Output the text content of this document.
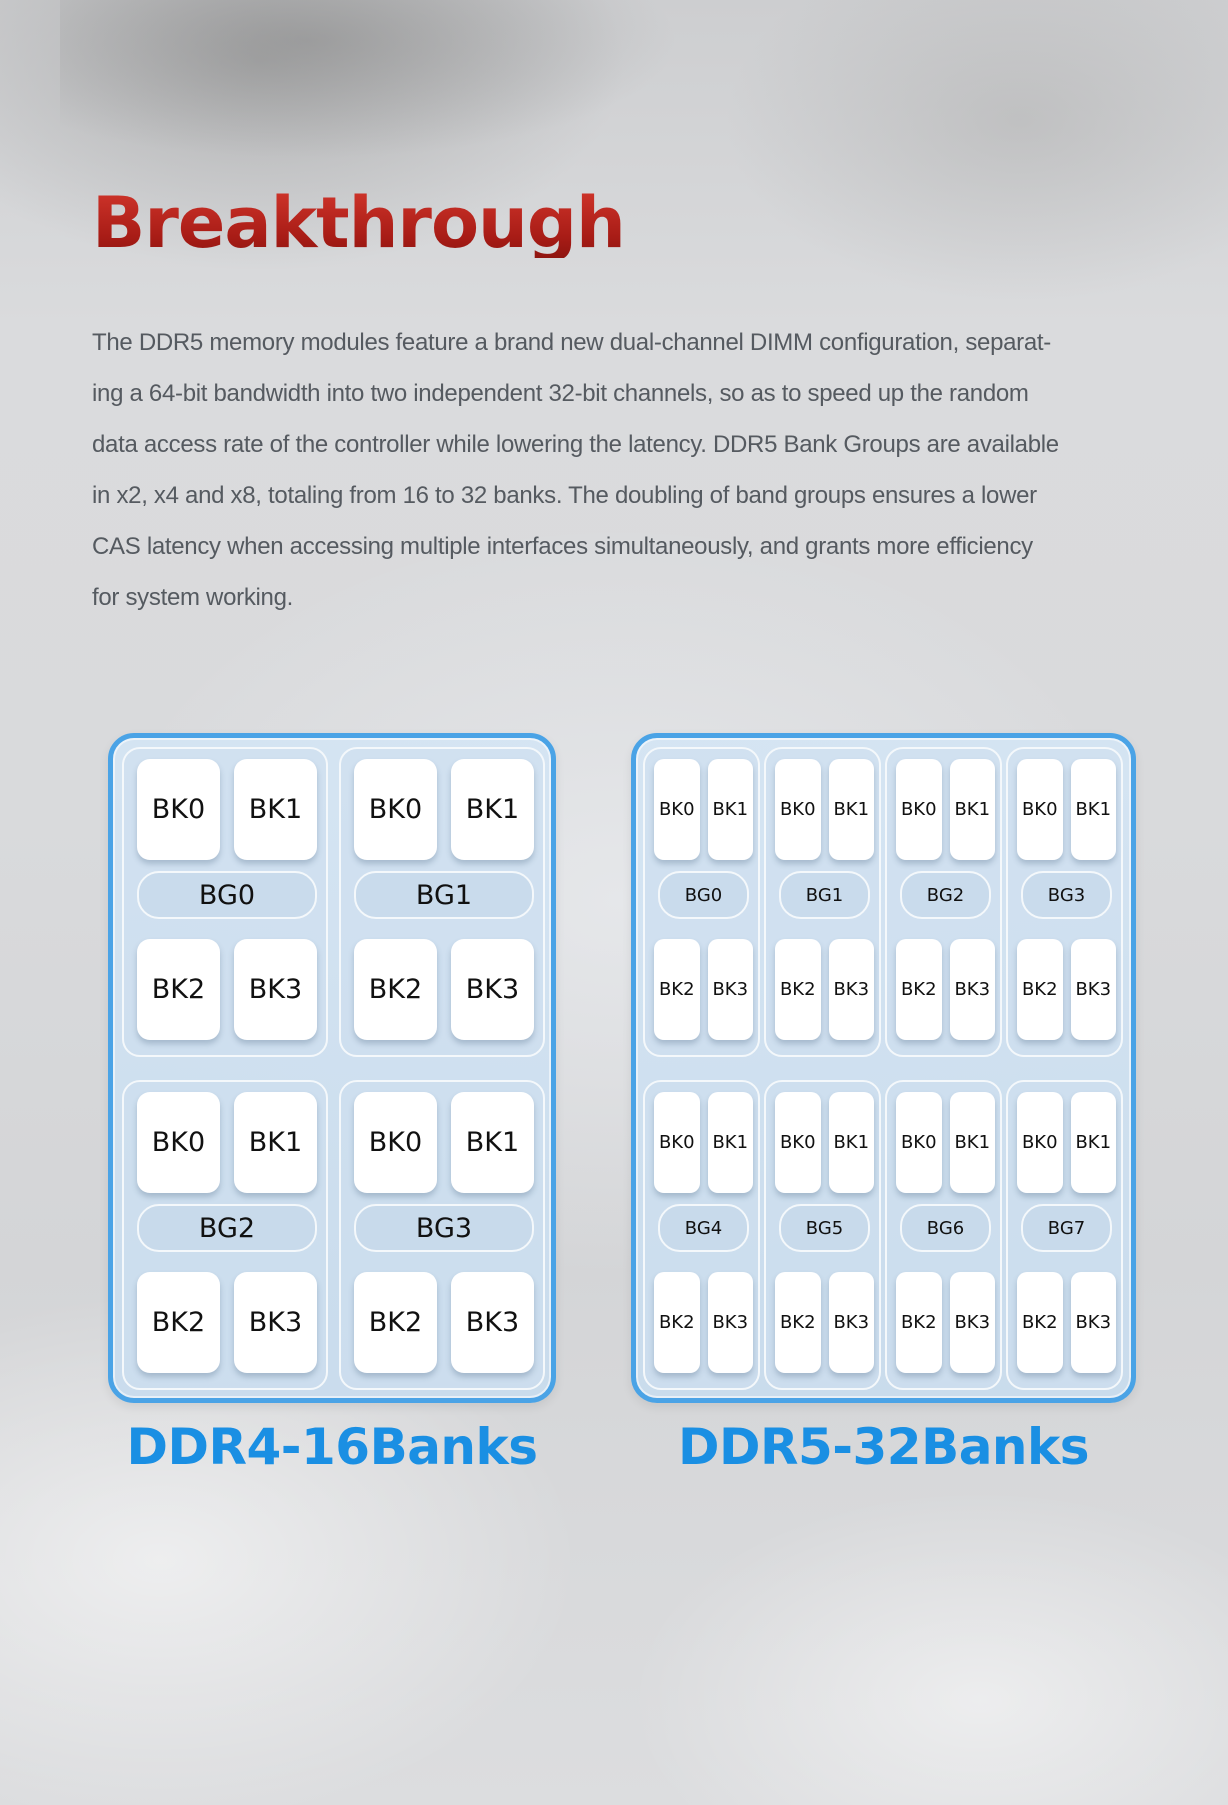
Breakthrough

The DDR5 memory modules feature a brand new dual-channel DIMM configuration, separat-
ing a 64-bit bandwidth into two independent 32-bit channels, so as to speed up the random
data access rate of the controller while lowering the latency. DDR5 Bank Groups are available
in x2, x4 and x8, totaling from 16 to 32 banks. The doubling of band groups ensures a lower
CAS latency when accessing multiple interfaces simultaneously, and grants more efficiency
for system working.

BK0	BK1
BK2	BK3
BG0
BK0	BK1
BK2	BK3
BG1
BK0	BK1
BK2	BK3
BG2
BK0	BK1
BK2	BK3
BG3
BK0 BK1
BK2 BK3
BG0
BK0 BK1
BK2 BK3
BG1
BK0 BK1
BK2 BK3
BG2
BK0 BK1
BK2 BK3
BG3
BK0 BK1
BK2 BK3
BG4
BK0 BK1
BK2 BK3
BG5
BK0 BK1
BK2 BK3
BG6
BK0 BK1
BK2 BK3
BG7
DDR4-16Banks	DDR5-32Banks
